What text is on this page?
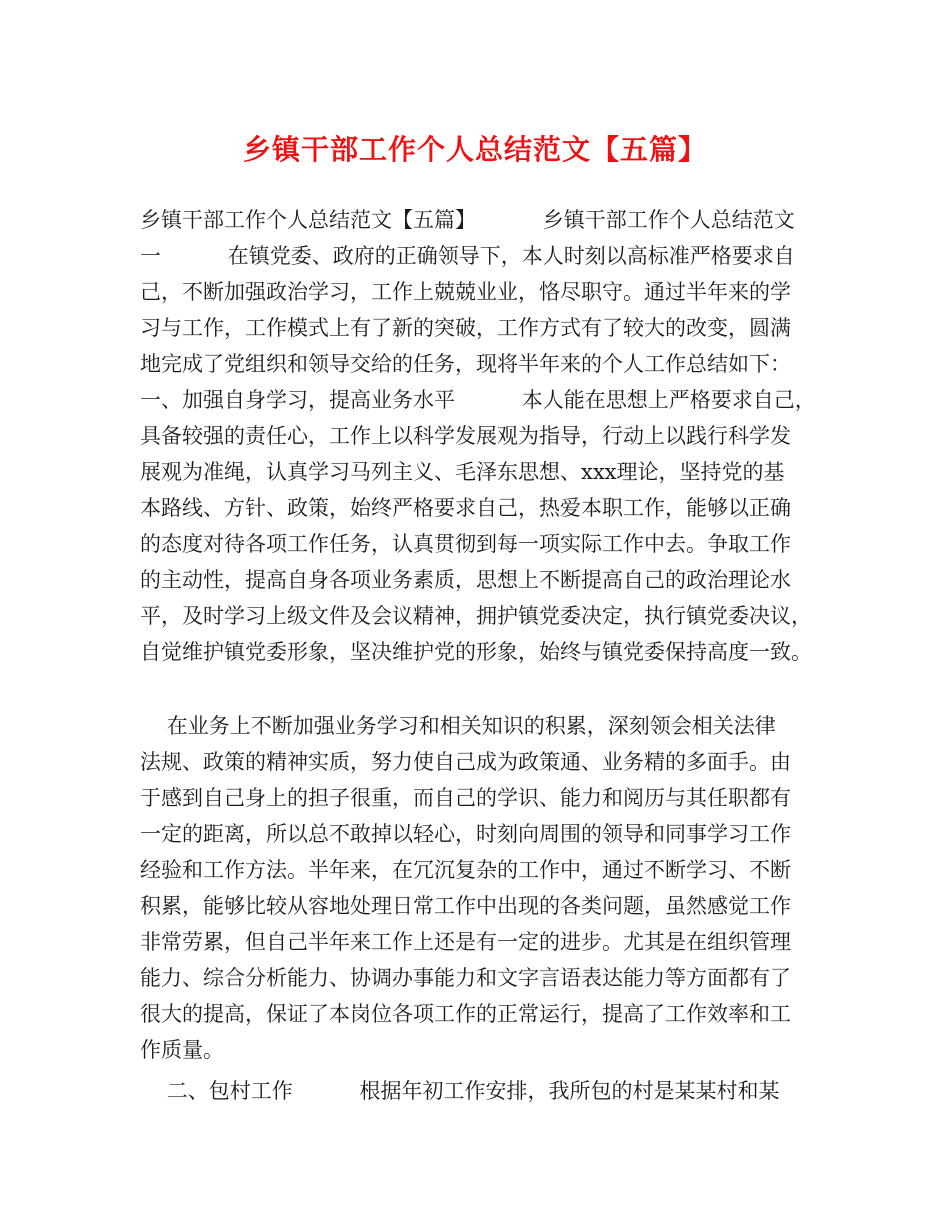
乡镇干部工作个人总结范文【五篇】
乡镇干部工作个人总结范文【五篇】          乡镇干部工作个人总结范文
一          在镇党委、政府的正确领导下，本人时刻以高标准严格要求自
己，不断加强政治学习，工作上兢兢业业，恪尽职守。通过半年来的学
习与工作，工作模式上有了新的突破，工作方式有了较大的改变，圆满
地完成了党组织和领导交给的任务，现将半年来的个人工作总结如下：
一、加强自身学习，提高业务水平          本人能在思想上严格要求自己，
具备较强的责任心，工作上以科学发展观为指导，行动上以践行科学发
展观为准绳，认真学习马列主义、毛泽东思想、xxx理论，坚持党的基
本路线、方针、政策，始终严格要求自己，热爱本职工作，能够以正确
的态度对待各项工作任务，认真贯彻到每一项实际工作中去。争取工作
的主动性，提高自身各项业务素质，思想上不断提高自己的政治理论水
平，及时学习上级文件及会议精神，拥护镇党委决定，执行镇党委决议，
自觉维护镇党委形象，坚决维护党的形象，始终与镇党委保持高度一致。
在业务上不断加强业务学习和相关知识的积累，深刻领会相关法律
法规、政策的精神实质，努力使自己成为政策通、业务精的多面手。由
于感到自己身上的担子很重，而自己的学识、能力和阅历与其任职都有
一定的距离，所以总不敢掉以轻心，时刻向周围的领导和同事学习工作
经验和工作方法。半年来，在冗沉复杂的工作中，通过不断学习、不断
积累，能够比较从容地处理日常工作中出现的各类问题，虽然感觉工作
非常劳累，但自己半年来工作上还是有一定的进步。尤其是在组织管理
能力、综合分析能力、协调办事能力和文字言语表达能力等方面都有了
很大的提高，保证了本岗位各项工作的正常运行，提高了工作效率和工
作质量。
二、包村工作          根据年初工作安排，我所包的村是某某村和某
